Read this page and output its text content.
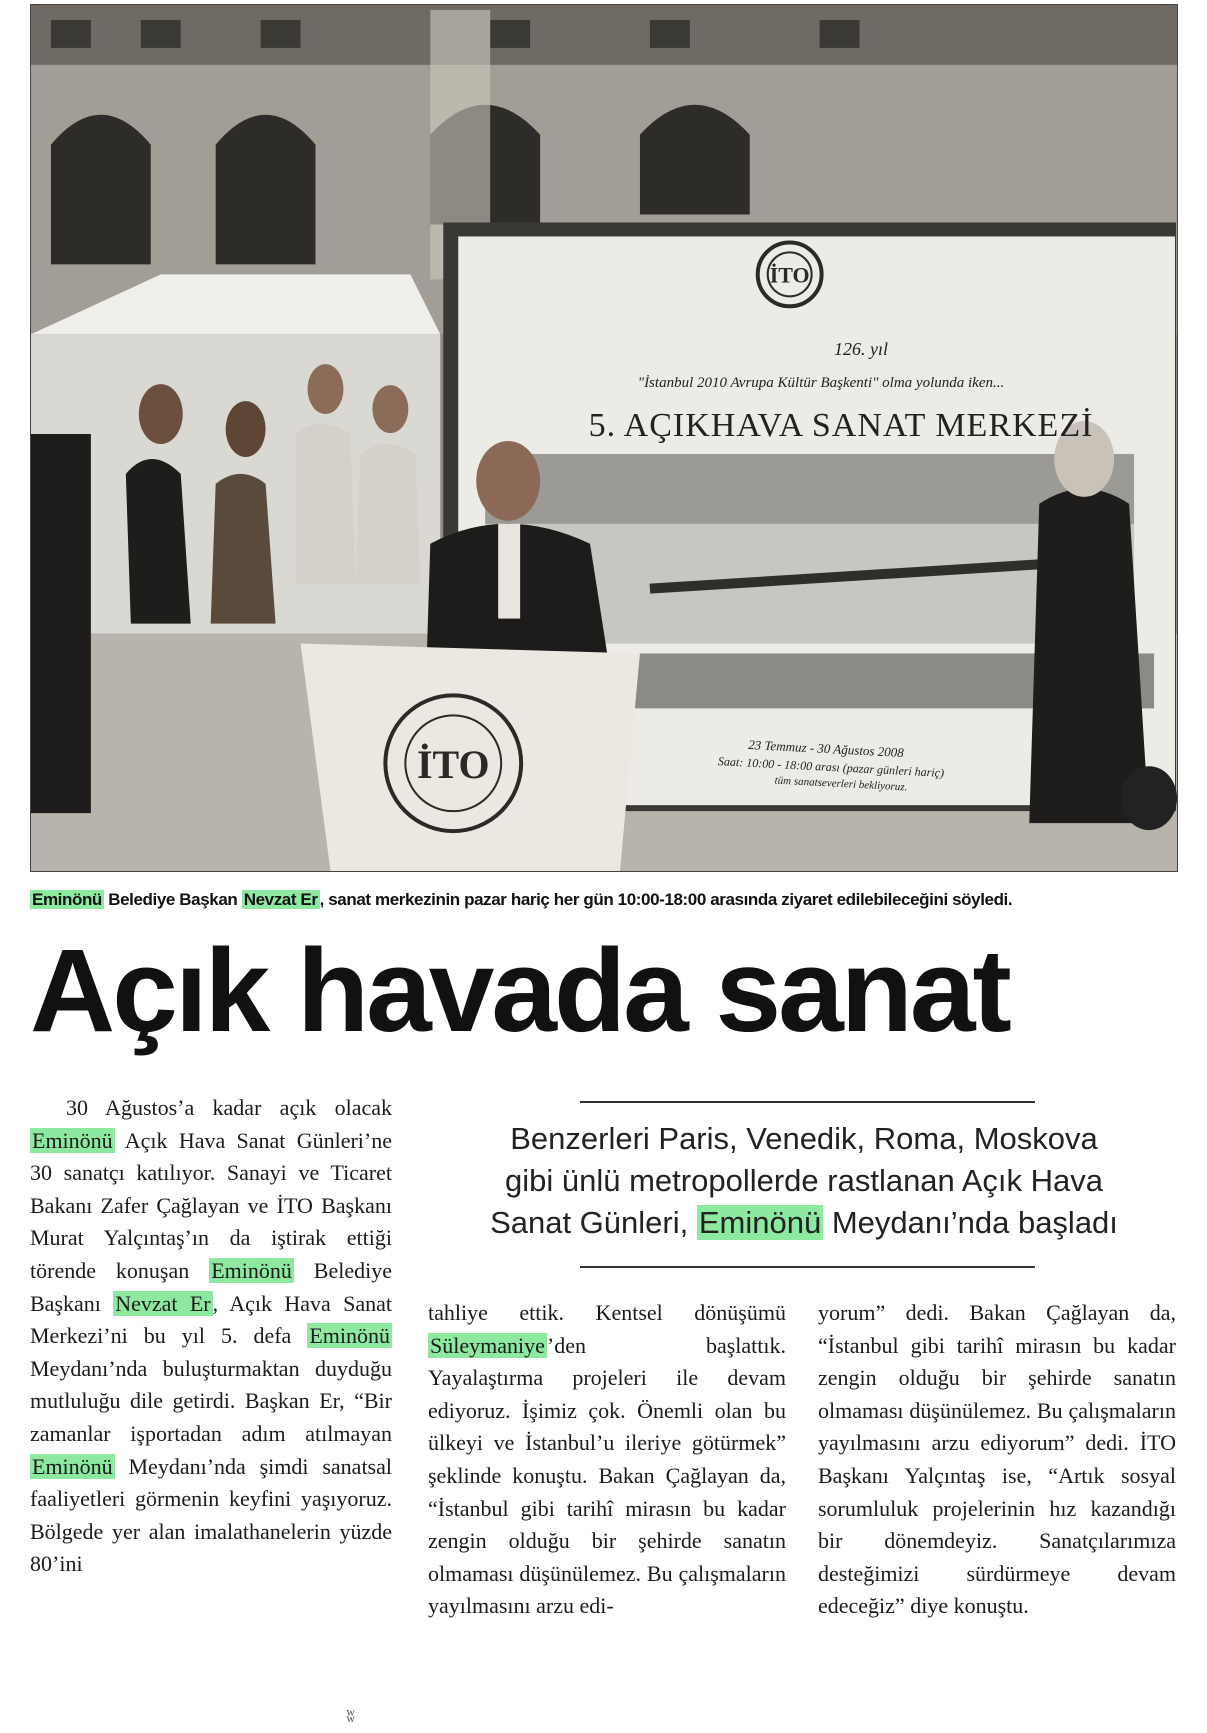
İTO
İTO
126. yıl
"İstanbul 2010 Avrupa Kültür Başkenti" olma yolunda iken...
5. AÇIKHAVA SANAT MERKEZİ
23 Temmuz - 30 Ağustos 2008
Saat: 10:00 - 18:00 arası (pazar günleri hariç)
tüm sanatseverleri bekliyoruz.
Eminönü Belediye Başkan Nevzat Er , sanat merkezinin pazar hariç her gün 10:00-18:00 arasında ziyaret edilebileceğini söyledi.
Açık havada sanat

30 Ağustos’a kadar açık olacak Eminönü Açık Hava Sanat Günleri’ne 30 sanatçı katılıyor. Sanayi ve Ticaret Bakanı Zafer Çağlayan ve İTO Başkanı Murat Yalçıntaş’ın da iştirak ettiği törende konuşan Eminönü Belediye Başkanı Nevzat Er, Açık Hava Sanat Merkezi’ni bu yıl 5. defa Eminönü Meydanı’nda buluşturmaktan duyduğu mutluluğu dile getirdi. Başkan Er, “Bir zamanlar işportadan adım atılmayan Eminönü Meydanı’nda şimdi sanatsal faaliyetleri görmenin keyfini yaşıyoruz. Bölgede yer alan imalathanelerin yüzde 80’ini

Benzerleri Paris, Venedik, Roma, Moskova
gibi ünlü metropollerde rastlanan Açık Hava
Sanat Günleri, Eminönü Meydanı’nda başladı

tahliye ettik. Kentsel dönüşümü Süleymaniye’den başlattık. Yayalaştırma projeleri ile devam ediyoruz. İşimiz çok. Önemli olan bu ülkeyi ve İstanbul’u ileriye götürmek” şeklinde konuştu. Bakan Çağlayan da, “İstanbul gibi tarihî mirasın bu kadar zengin olduğu bir şehirde sanatın olmaması düşünülemez. Bu çalışmaların yayılmasını arzu edi-

yorum” dedi. Bakan Çağlayan da, “İstanbul gibi tarihî mirasın bu kadar zengin olduğu bir şehirde sanatın olmaması düşünülemez. Bu çalışmaların yayılmasını arzu ediyorum” dedi. İTO Başkanı Yalçıntaş ise, “Artık sosyal sorumluluk projelerinin hız kazandığı bir dönemdeyiz. Sanatçılarımıza desteğimizi sürdürmeye devam edeceğiz” diye konuştu.

ʬ
